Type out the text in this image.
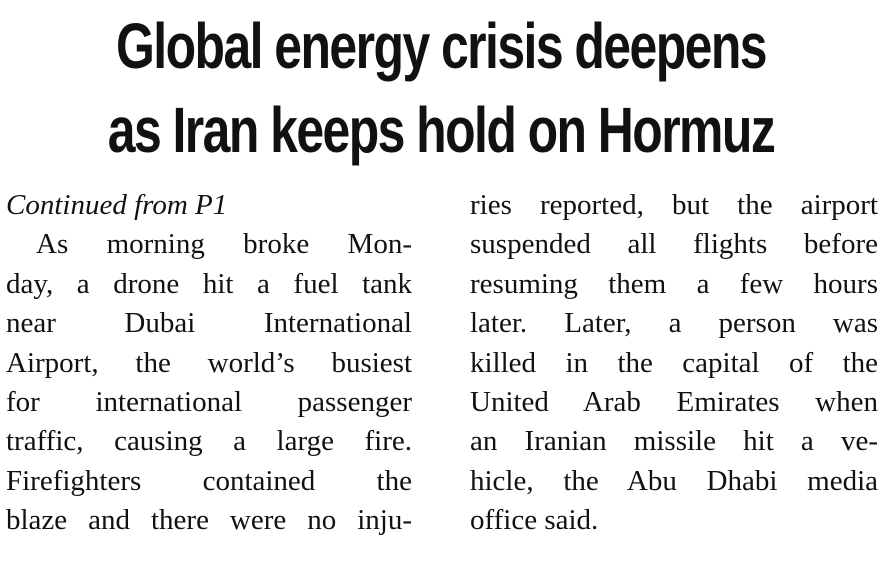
Global energy crisis deepens
as Iran keeps hold on Hormuz
Continued from P1
As morning broke Mon-
day, a drone hit a fuel tank
near Dubai International
Airport, the world’s busiest
for international passenger
traffic, causing a large fire.
Firefighters contained the
blaze and there were no inju-
ries reported, but the airport
suspended all flights before
resuming them a few hours
later. Later, a person was
killed in the capital of the
United Arab Emirates when
an Iranian missile hit a ve-
hicle, the Abu Dhabi media
office said.
